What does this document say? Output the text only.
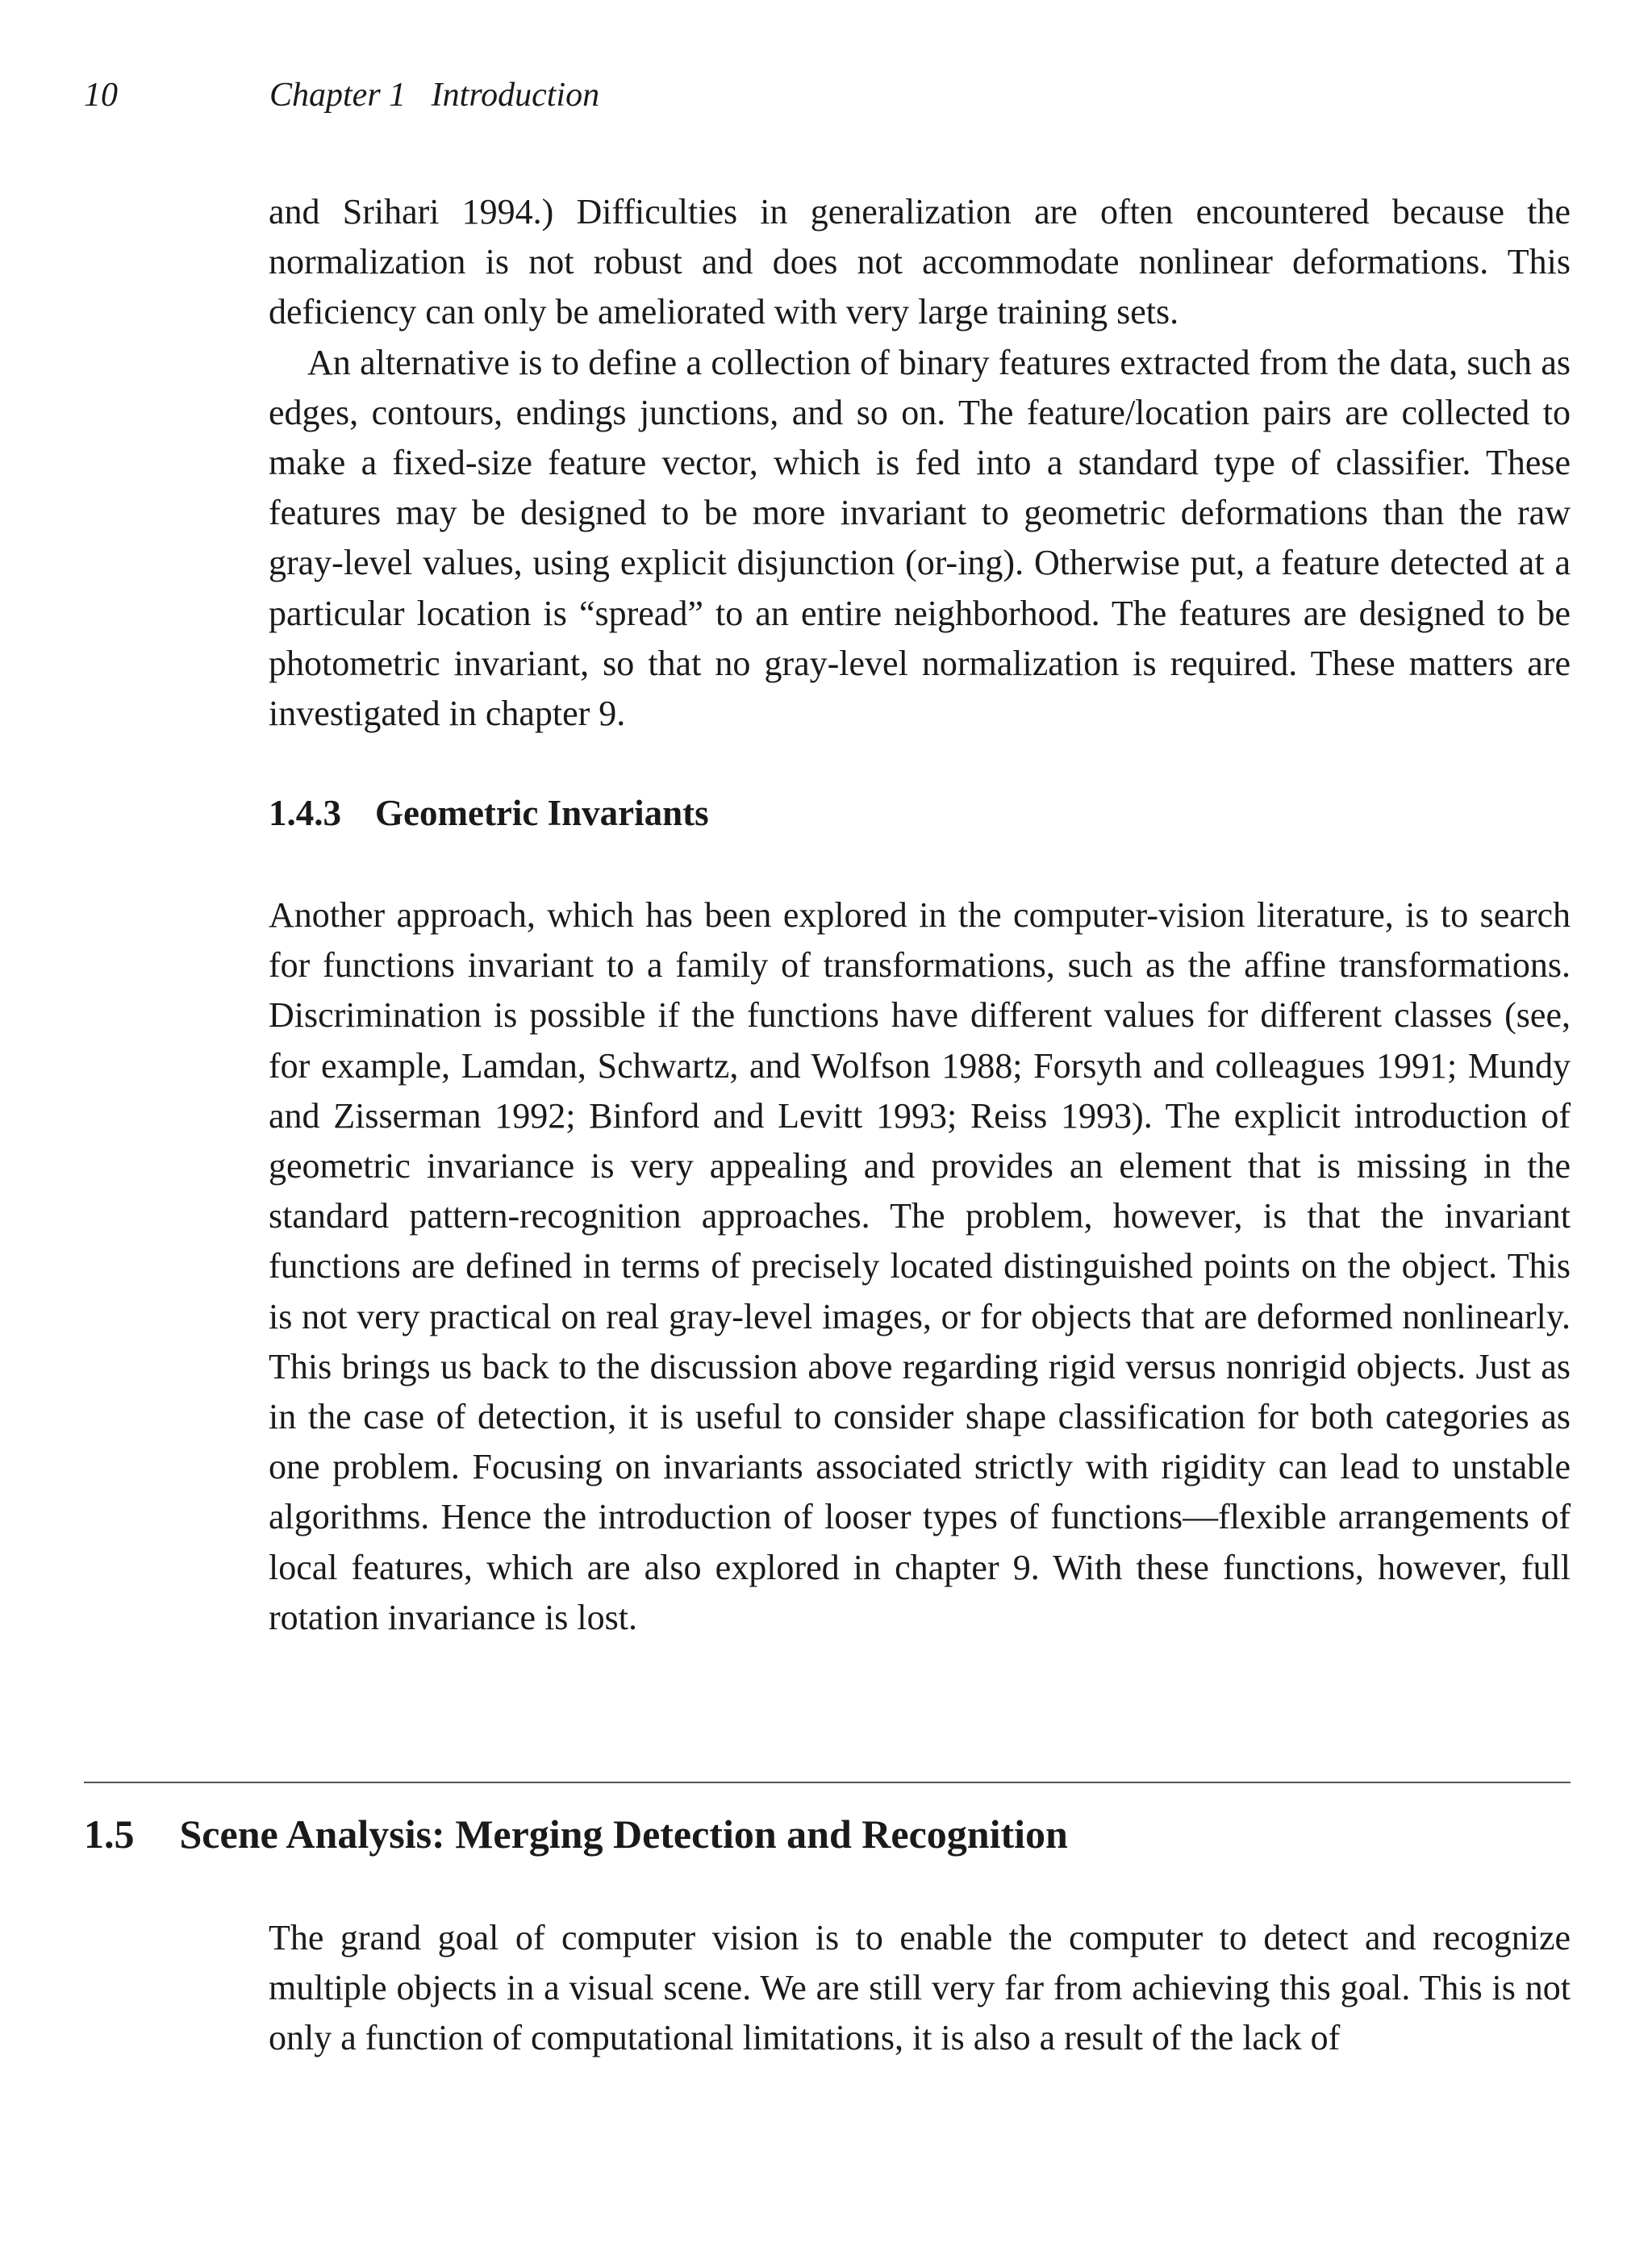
10	Chapter 1 Introduction

and Srihari 1994.) Difficulties in generalization are often encountered because the normalization is not robust and does not accommodate nonlinear deformations. This deficiency can only be ameliorated with very large training sets.

An alternative is to define a collection of binary features extracted from the data, such as edges, contours, endings junctions, and so on. The feature/location pairs are collected to make a fixed-size feature vector, which is fed into a standard type of classifier. These features may be designed to be more invariant to geometric deformations than the raw gray-level values, using explicit disjunction (or-ing). Otherwise put, a feature detected at a particular location is “spread” to an entire neighborhood. The features are designed to be photometric invariant, so that no gray-level normalization is required. These matters are investigated in chapter 9.

1.4.3 Geometric Invariants

Another approach, which has been explored in the computer-vision literature, is to search for functions invariant to a family of transformations, such as the affine transformations. Discrimination is possible if the functions have different values for different classes (see, for example, Lamdan, Schwartz, and Wolfson 1988; Forsyth and colleagues 1991; Mundy and Zisserman 1992; Binford and Levitt 1993; Reiss 1993). The explicit introduction of geometric invariance is very appealing and provides an element that is missing in the standard pattern-recognition approaches. The problem, however, is that the invariant functions are defined in terms of precisely located distinguished points on the object. This is not very practical on real gray-level images, or for objects that are deformed nonlinearly. This brings us back to the discussion above regarding rigid versus nonrigid objects. Just as in the case of detection, it is useful to consider shape classification for both categories as one problem. Focusing on invariants associated strictly with rigidity can lead to unstable algorithms. Hence the introduction of looser types of functions—flexible arrangements of local features, which are also explored in chapter 9. With these functions, however, full rotation invariance is lost.

1.5 Scene Analysis: Merging Detection and Recognition

The grand goal of computer vision is to enable the computer to detect and recognize multiple objects in a visual scene. We are still very far from achieving this goal. This is not only a function of computational limitations, it is also a result of the lack of
